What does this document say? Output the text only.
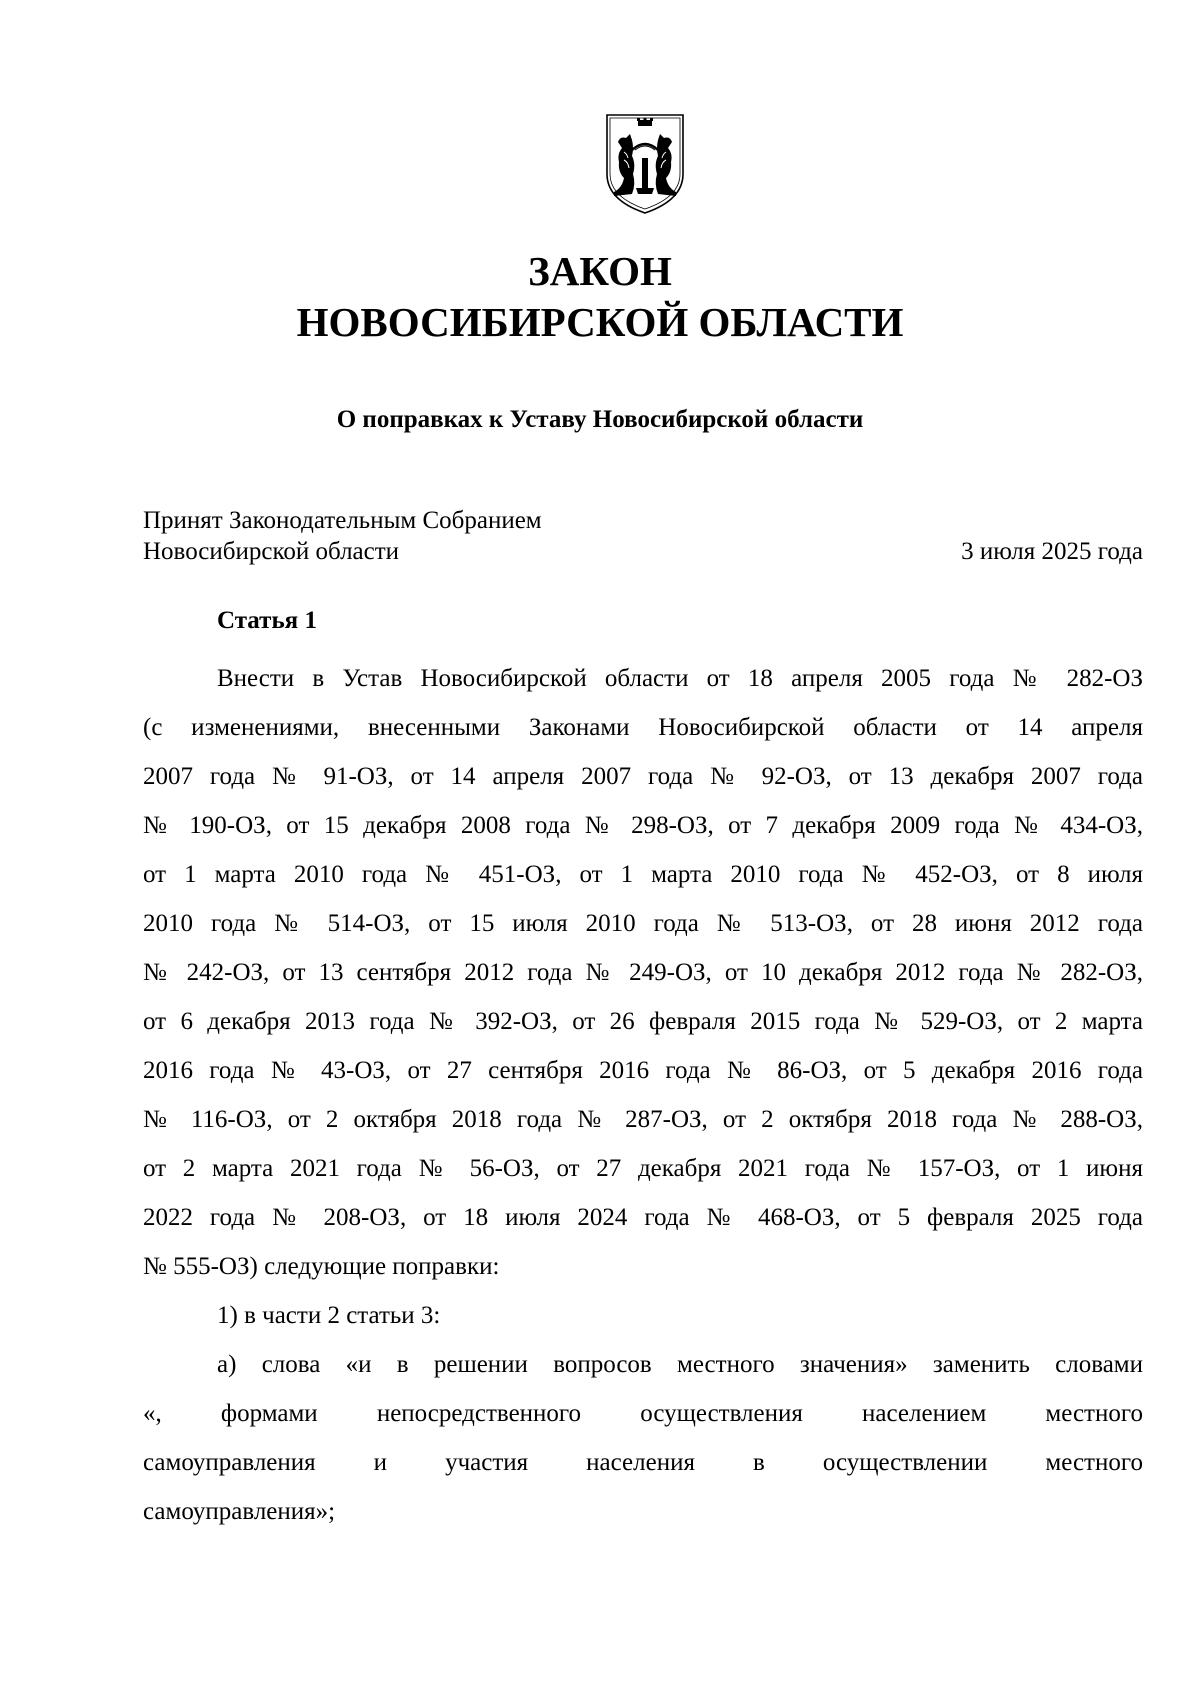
ЗАКОН
НОВОСИБИРСКОЙ ОБЛАСТИ
О поправках к Уставу Новосибирской области
Принят Законодательным Собранием
Новосибирской области	3 июля 2025 года
Статья 1
Внести в Устав Новосибирской области от 18 апреля 2005 года № 282-ОЗ
(с изменениями, внесенными Законами Новосибирской области от 14 апреля
2007 года № 91-ОЗ, от 14 апреля 2007 года № 92-ОЗ, от 13 декабря 2007 года
№ 190-ОЗ, от 15 декабря 2008 года № 298-ОЗ, от 7 декабря 2009 года № 434-ОЗ,
от 1 марта 2010 года № 451-ОЗ, от 1 марта 2010 года № 452-ОЗ, от 8 июля
2010 года № 514-ОЗ, от 15 июля 2010 года № 513-ОЗ, от 28 июня 2012 года
№ 242-ОЗ, от 13 сентября 2012 года № 249-ОЗ, от 10 декабря 2012 года № 282-ОЗ,
от 6 декабря 2013 года № 392-ОЗ, от 26 февраля 2015 года № 529-ОЗ, от 2 марта
2016 года № 43-ОЗ, от 27 сентября 2016 года № 86-ОЗ, от 5 декабря 2016 года
№ 116-ОЗ, от 2 октября 2018 года № 287-ОЗ, от 2 октября 2018 года № 288-ОЗ,
от 2 марта 2021 года № 56-ОЗ, от 27 декабря 2021 года № 157-ОЗ, от 1 июня
2022 года № 208-ОЗ, от 18 июля 2024 года № 468-ОЗ, от 5 февраля 2025 года
№ 555-ОЗ) следующие поправки:
1) в части 2 статьи 3:
а) слова «и в решении вопросов местного значения» заменить словами
«, формами непосредственного осуществления населением местного
самоуправления и участия населения в осуществлении местного
самоуправления»;
